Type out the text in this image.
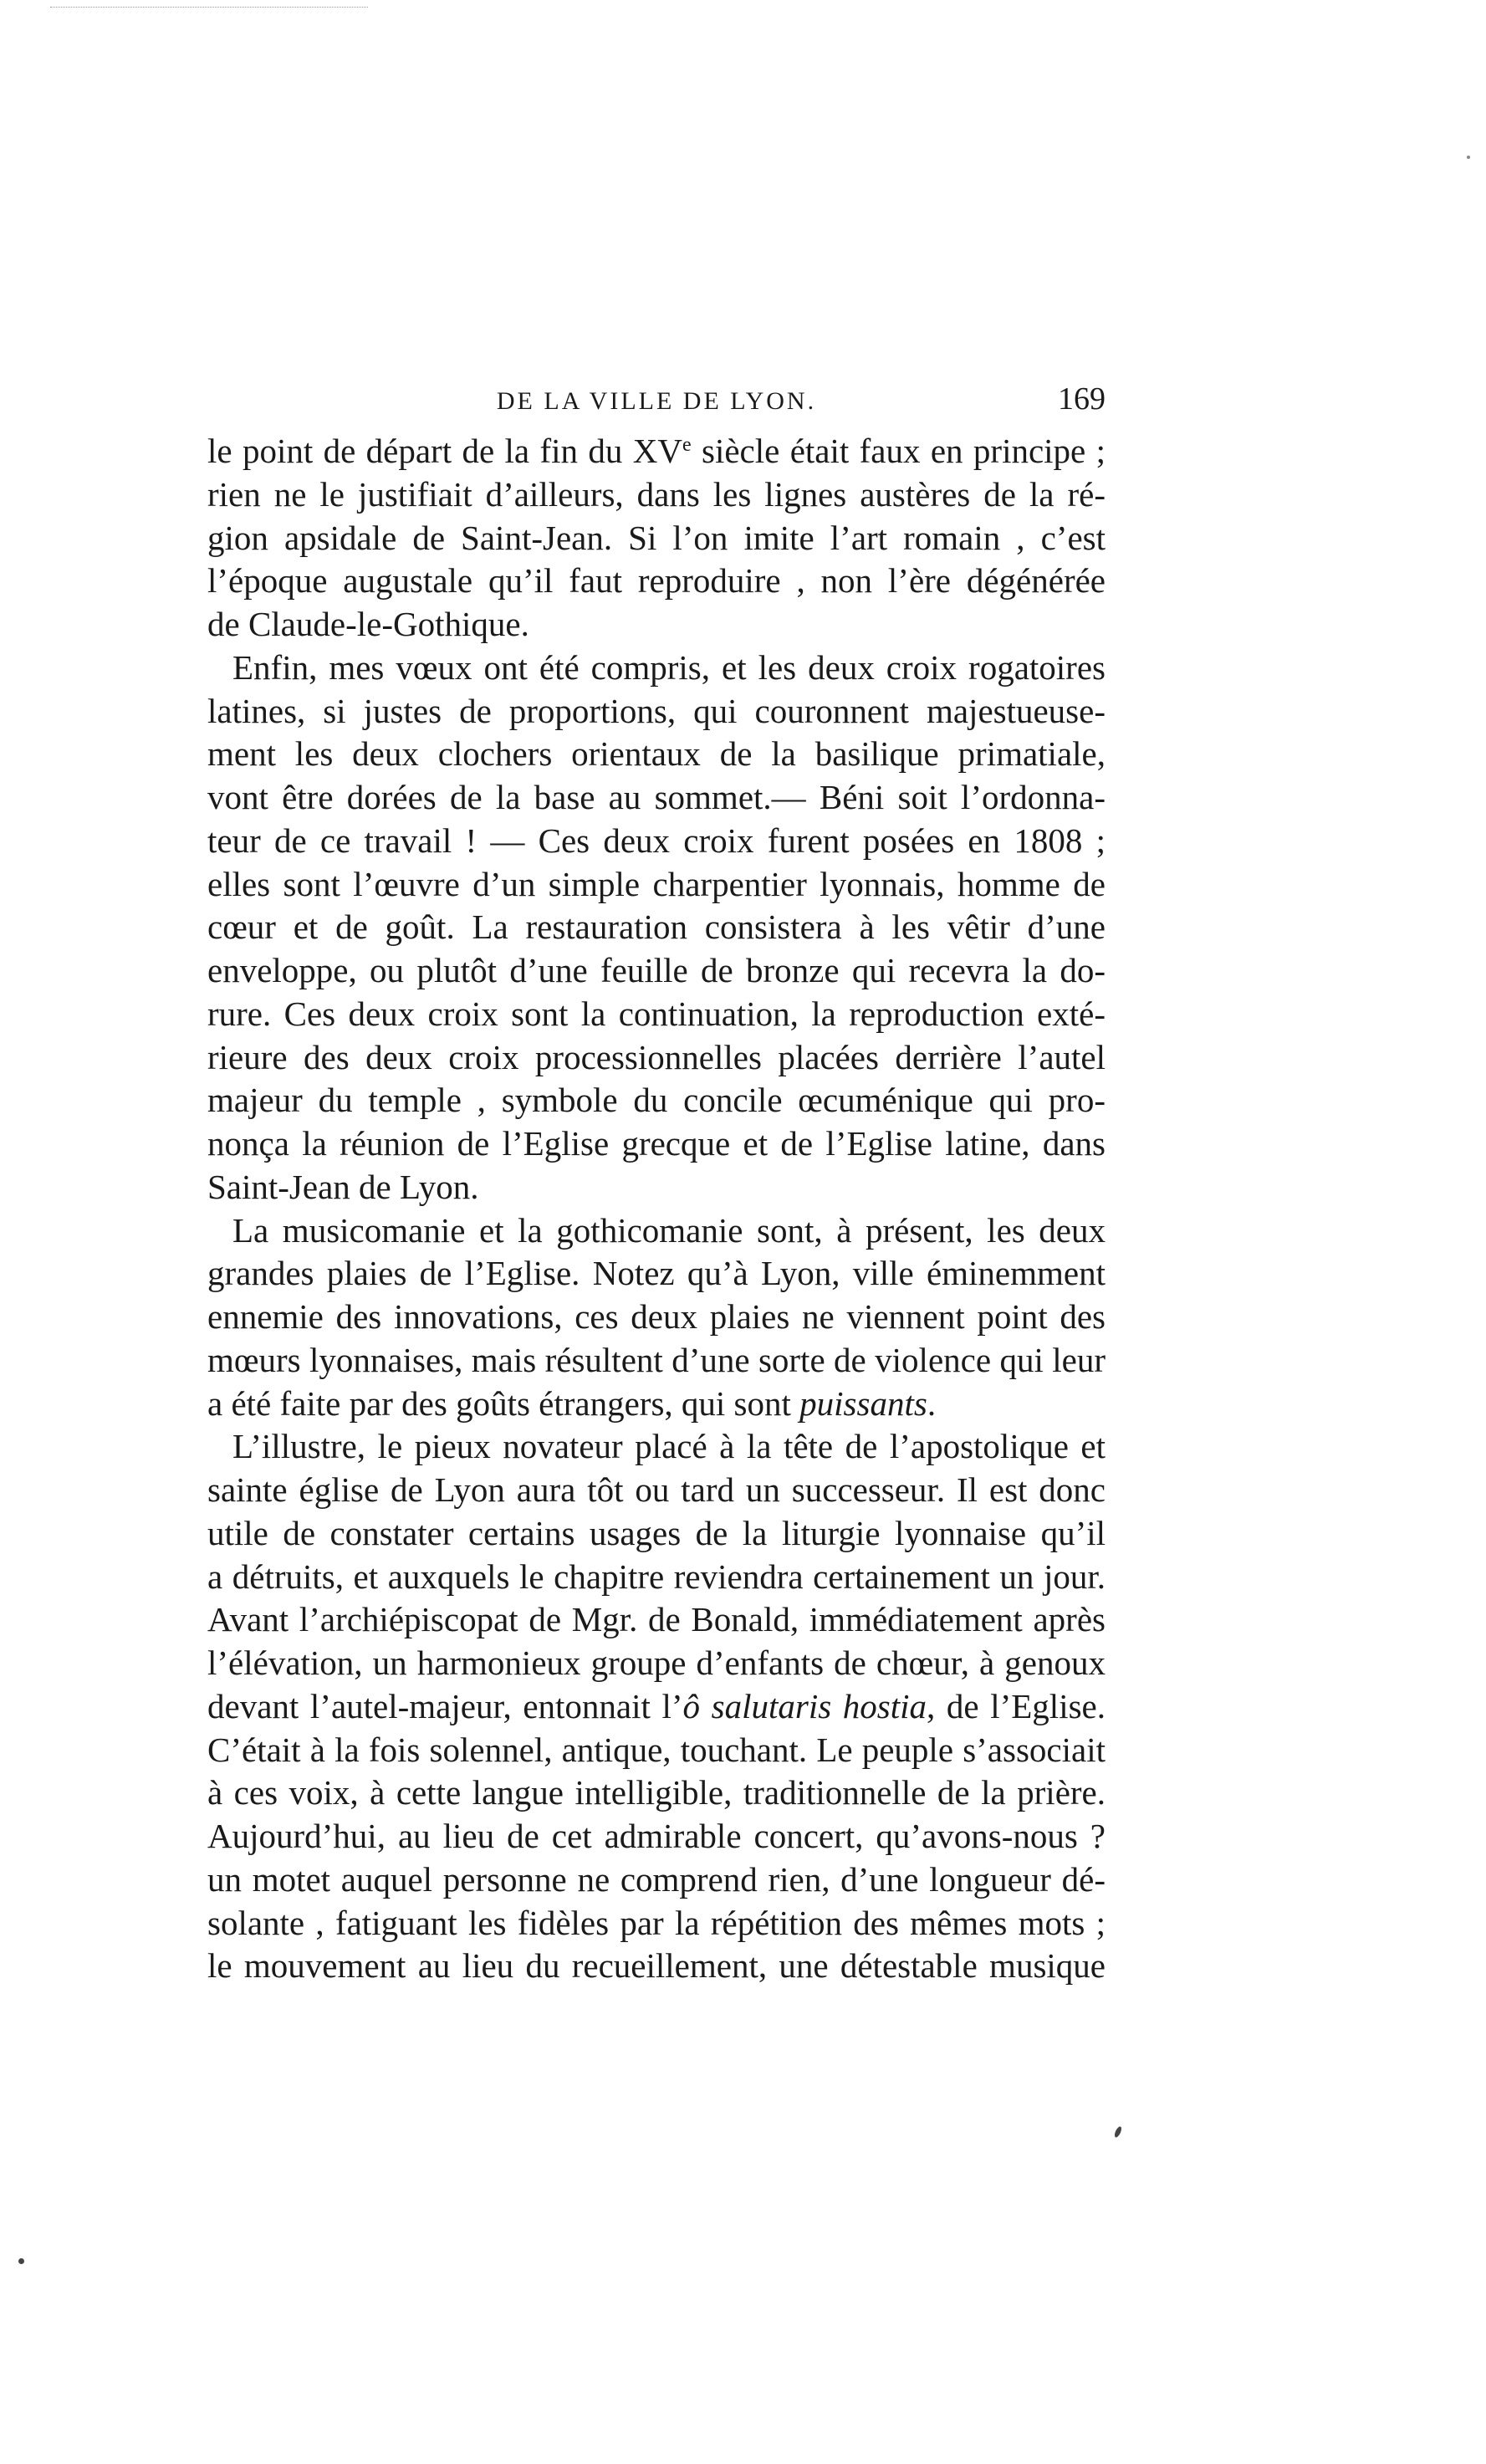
DE LA VILLE DE LYON.	169
le point de départ de la fin du XVe siècle était faux en principe ;
rien ne le justifiait d’ailleurs, dans les lignes austères de la ré-
gion apsidale de Saint-Jean. Si l’on imite l’art romain , c’est
l’époque augustale qu’il faut reproduire , non l’ère dégénérée
de Claude-le-Gothique.
Enfin, mes vœux ont été compris, et les deux croix rogatoires
latines, si justes de proportions, qui couronnent majestueuse-
ment les deux clochers orientaux de la basilique primatiale,
vont être dorées de la base au sommet.— Béni soit l’ordonna-
teur de ce travail ! — Ces deux croix furent posées en 1808 ;
elles sont l’œuvre d’un simple charpentier lyonnais, homme de
cœur et de goût. La restauration consistera à les vêtir d’une
enveloppe, ou plutôt d’une feuille de bronze qui recevra la do-
rure. Ces deux croix sont la continuation, la reproduction exté-
rieure des deux croix processionnelles placées derrière l’autel
majeur du temple , symbole du concile œcuménique qui pro-
nonça la réunion de l’Eglise grecque et de l’Eglise latine, dans
Saint-Jean de Lyon.
La musicomanie et la gothicomanie sont, à présent, les deux
grandes plaies de l’Eglise. Notez qu’à Lyon, ville éminemment
ennemie des innovations, ces deux plaies ne viennent point des
mœurs lyonnaises, mais résultent d’une sorte de violence qui leur
a été faite par des goûts étrangers, qui sont puissants.
L’illustre, le pieux novateur placé à la tête de l’apostolique et
sainte église de Lyon aura tôt ou tard un successeur. Il est donc
utile de constater certains usages de la liturgie lyonnaise qu’il
a détruits, et auxquels le chapitre reviendra certainement un jour.
Avant l’archiépiscopat de Mgr. de Bonald, immédiatement après
l’élévation, un harmonieux groupe d’enfants de chœur, à genoux
devant l’autel-majeur, entonnait l’ô salutaris hostia, de l’Eglise.
C’était à la fois solennel, antique, touchant. Le peuple s’associait
à ces voix, à cette langue intelligible, traditionnelle de la prière.
Aujourd’hui, au lieu de cet admirable concert, qu’avons-nous ?
un motet auquel personne ne comprend rien, d’une longueur dé-
solante , fatiguant les fidèles par la répétition des mêmes mots ;
le mouvement au lieu du recueillement, une détestable musique
